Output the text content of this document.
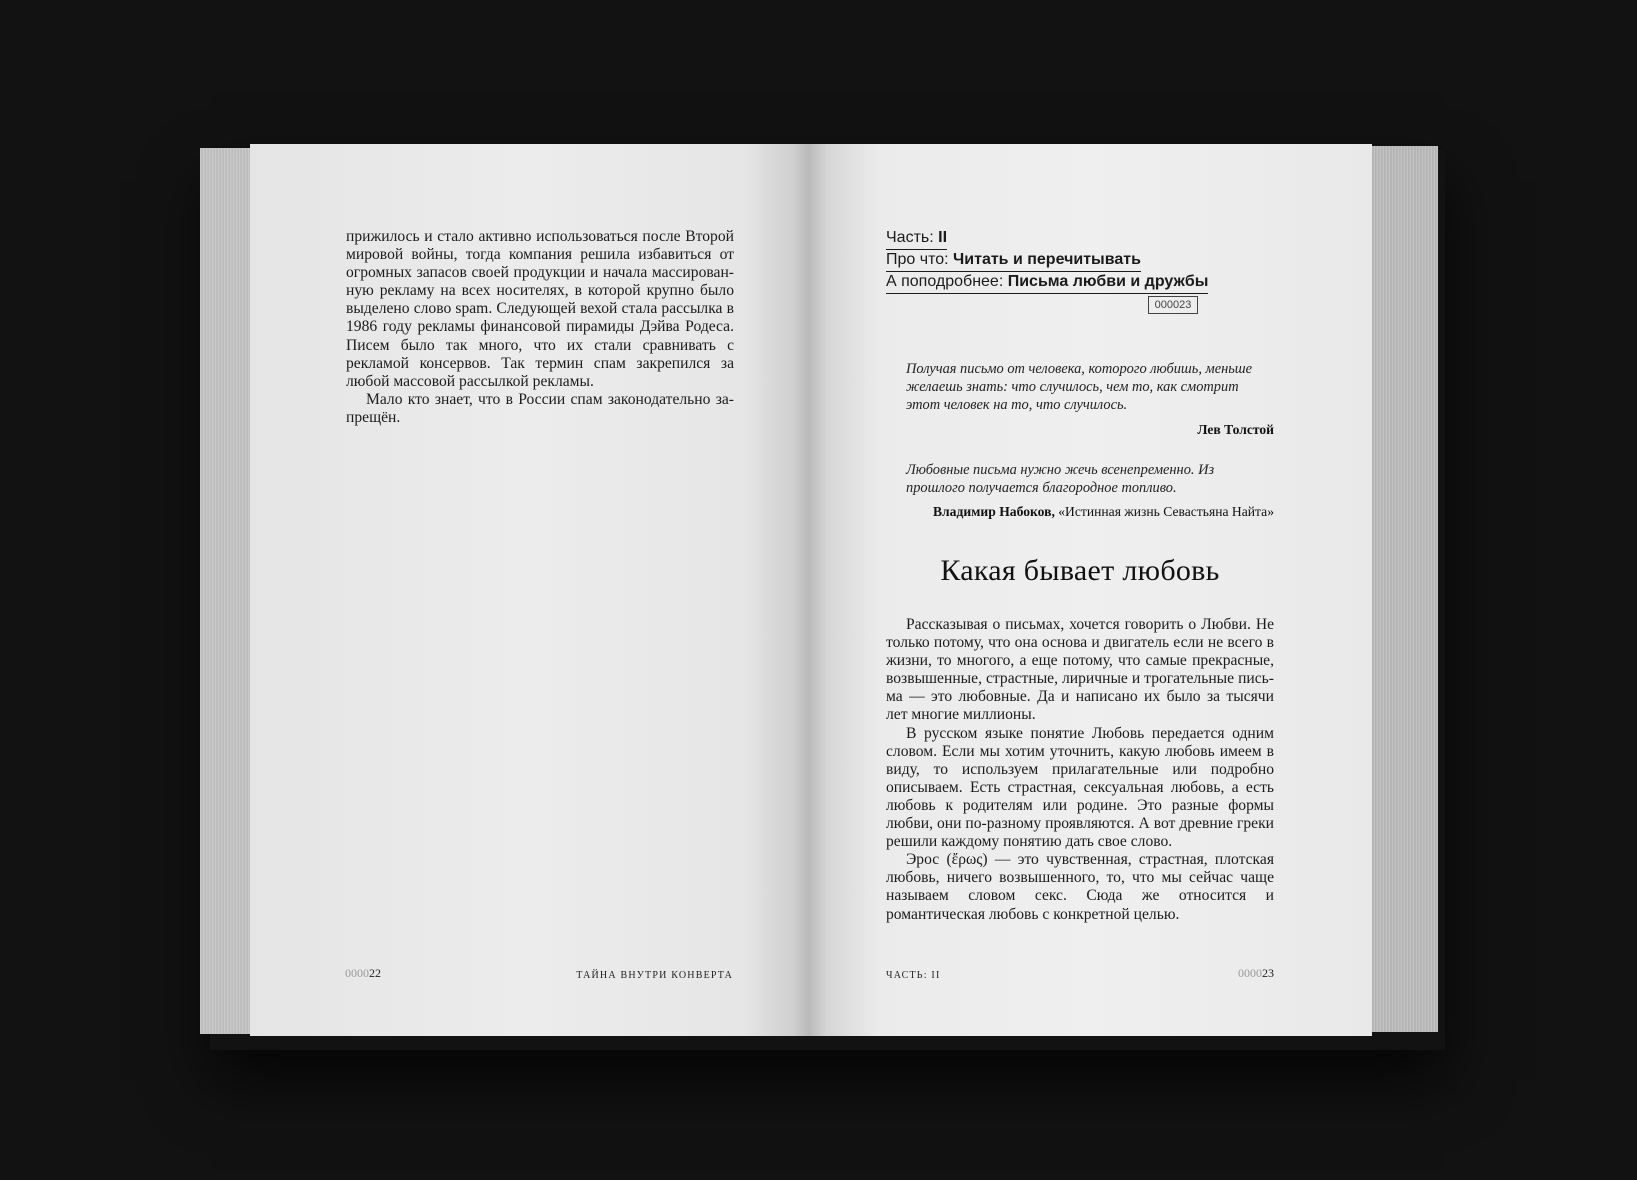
прижилось и стало активно использоваться после Второй мировой войны, тогда компания решила избавиться от огромных запасов своей продукции и начала массированную рекламу на всех носителях, в которой крупно было выделено слово spam. Следующей вехой стала рассылка в 1986 году рекламы финансовой пирамиды Дэйва Родеса. Писем было так много, что их стали сравнивать с рекламой консервов. Так термин спам закрепился за любой массовой рассылкой рекламы.

Мало кто знает, что в России спам законодательно запрещён.

000022	ТАЙНА ВНУТРИ КОНВЕРТА
Часть: II
Про что: Читать и перечитывать
А поподробнее: Письма любви и дружбы
000023
Получая письмо от человека, которого любишь, меньше желаешь знать: что случилось, чем то, как смотрит этот человек на то, что случилось.
Лев Толстой
Любовные письма нужно жечь всенепременно. Из прошлого получается благородное топливо.
Владимир Набоков, «Истинная жизнь Севастьяна Найта»
Какая бывает любовь

Рассказывая о письмах, хочется говорить о Любви. Не только потому, что она основа и двигатель если не всего в жизни, то многого, а еще потому, что самые прекрасные, возвышенные, страстные, лиричные и трогательные письма — это любовные. Да и написано их было за тысячи лет многие миллионы.

В русском языке понятие Любовь передается одним словом. Если мы хотим уточнить, какую любовь имеем в виду, то используем прилагательные или подробно описываем. Есть страстная, сексуальная любовь, а есть любовь к родителям или родине. Это разные формы любви, они по-разному проявляются. А вот древние греки решили каждому понятию дать свое слово.

Эрос (ἔρως) — это чувственная, страстная, плотская любовь, ничего возвышенного, то, что мы сейчас чаще называем словом секс. Сюда же относится и романтическая любовь с конкретной целью.

ЧАСТЬ: II	000023
